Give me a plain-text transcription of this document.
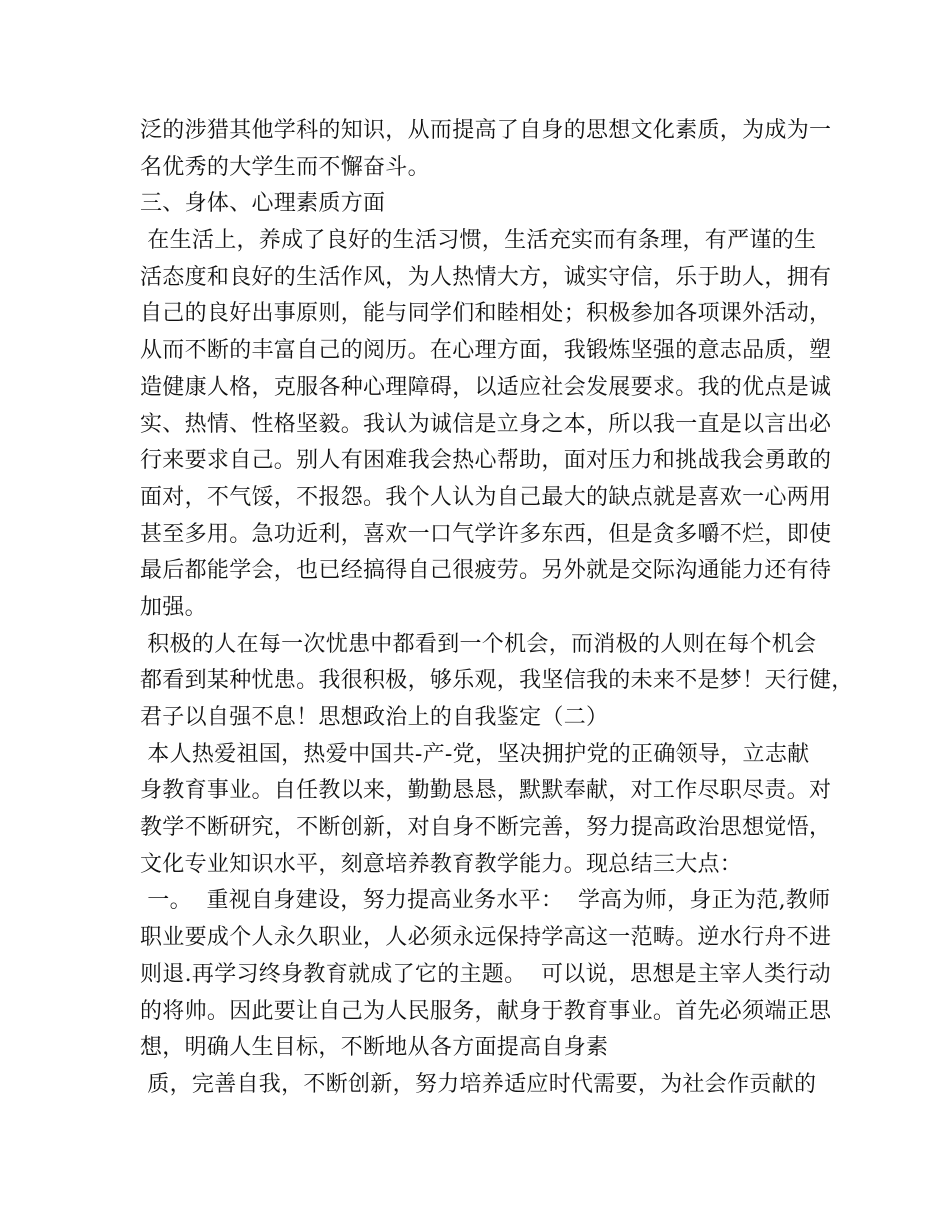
泛的涉猎其他学科的知识，从而提高了自身的思想文化素质，为成为一
名优秀的大学生而不懈奋斗。
三、身体、心理素质方面
在生活上，养成了良好的生活习惯，生活充实而有条理，有严谨的生
活态度和良好的生活作风，为人热情大方，诚实守信，乐于助人，拥有
自己的良好出事原则，能与同学们和睦相处；积极参加各项课外活动，
从而不断的丰富自己的阅历。在心理方面，我锻炼坚强的意志品质，塑
造健康人格，克服各种心理障碍，以适应社会发展要求。我的优点是诚
实、热情、性格坚毅。我认为诚信是立身之本，所以我一直是以言出必
行来要求自己。别人有困难我会热心帮助，面对压力和挑战我会勇敢的
面对，不气馁，不报怨。我个人认为自己最大的缺点就是喜欢一心两用
甚至多用。急功近利，喜欢一口气学许多东西，但是贪多嚼不烂，即使
最后都能学会，也已经搞得自己很疲劳。另外就是交际沟通能力还有待
加强。
积极的人在每一次忧患中都看到一个机会，而消极的人则在每个机会
都看到某种忧患。我很积极，够乐观，我坚信我的未来不是梦！天行健，
君子以自强不息！思想政治上的自我鉴定（二）
本人热爱祖国，热爱中国共-产-党，坚决拥护党的正确领导，立志献
身教育事业。自任教以来，勤勤恳恳，默默奉献，对工作尽职尽责。对
教学不断研究，不断创新，对自身不断完善，努力提高政治思想觉悟，
文化专业知识水平，刻意培养教育教学能力。现总结三大点：
一。  重视自身建设，努力提高业务水平：  学高为师，身正为范,教师
职业要成个人永久职业，人必须永远保持学高这一范畴。逆水行舟不进
则退.再学习终身教育就成了它的主题。  可以说，思想是主宰人类行动
的将帅。因此要让自己为人民服务，献身于教育事业。首先必须端正思
想，明确人生目标，不断地从各方面提高自身素
质，完善自我，不断创新，努力培养适应时代需要，为社会作贡献的
